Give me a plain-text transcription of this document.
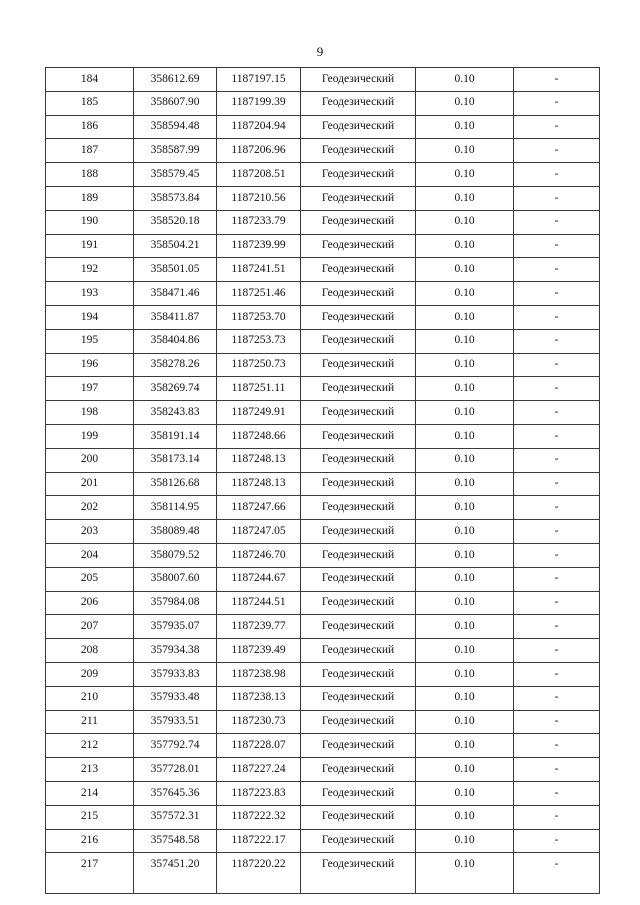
9
184	358612.69	1187197.15	Геодезический	0.10	-
185	358607.90	1187199.39	Геодезический	0.10	-
186	358594.48	1187204.94	Геодезический	0.10	-
187	358587.99	1187206.96	Геодезический	0.10	-
188	358579.45	1187208.51	Геодезический	0.10	-
189	358573.84	1187210.56	Геодезический	0.10	-
190	358520.18	1187233.79	Геодезический	0.10	-
191	358504.21	1187239.99	Геодезический	0.10	-
192	358501.05	1187241.51	Геодезический	0.10	-
193	358471.46	1187251.46	Геодезический	0.10	-
194	358411.87	1187253.70	Геодезический	0.10	-
195	358404.86	1187253.73	Геодезический	0.10	-
196	358278.26	1187250.73	Геодезический	0.10	-
197	358269.74	1187251.11	Геодезический	0.10	-
198	358243.83	1187249.91	Геодезический	0.10	-
199	358191.14	1187248.66	Геодезический	0.10	-
200	358173.14	1187248.13	Геодезический	0.10	-
201	358126.68	1187248.13	Геодезический	0.10	-
202	358114.95	1187247.66	Геодезический	0.10	-
203	358089.48	1187247.05	Геодезический	0.10	-
204	358079.52	1187246.70	Геодезический	0.10	-
205	358007.60	1187244.67	Геодезический	0.10	-
206	357984.08	1187244.51	Геодезический	0.10	-
207	357935.07	1187239.77	Геодезический	0.10	-
208	357934.38	1187239.49	Геодезический	0.10	-
209	357933.83	1187238.98	Геодезический	0.10	-
210	357933.48	1187238.13	Геодезический	0.10	-
211	357933.51	1187230.73	Геодезический	0.10	-
212	357792.74	1187228.07	Геодезический	0.10	-
213	357728.01	1187227.24	Геодезический	0.10	-
214	357645.36	1187223.83	Геодезический	0.10	-
215	357572.31	1187222.32	Геодезический	0.10	-
216	357548.58	1187222.17	Геодезический	0.10	-
217	357451.20	1187220.22	Геодезический	0.10	-
